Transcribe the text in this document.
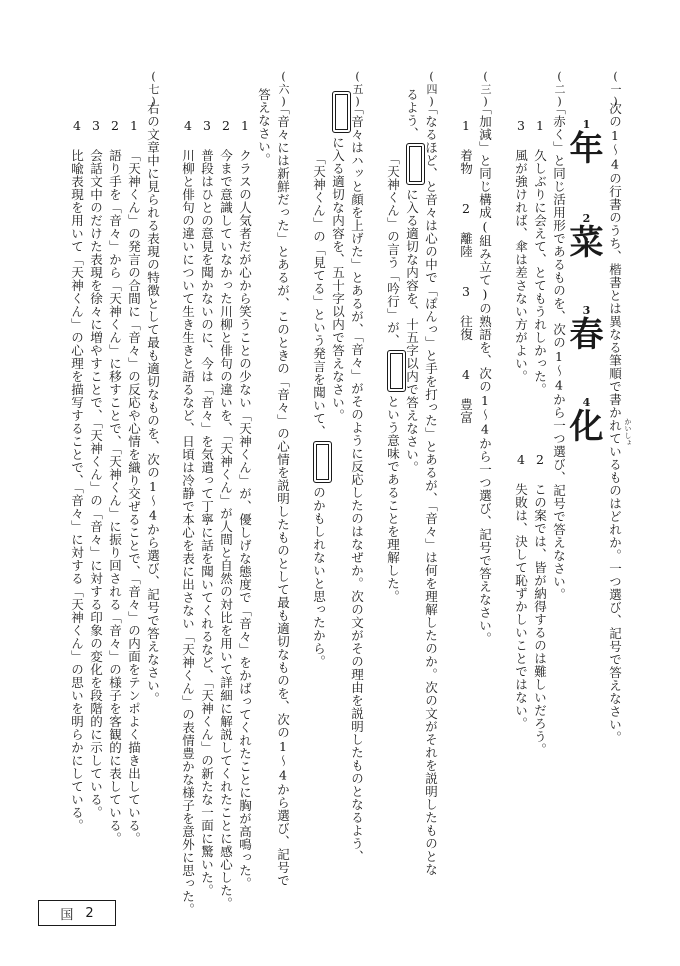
(一)
次の1〜4の行書のうち、楷書とは異なる筆順で書かれているものはどれか。一つ選び、記号で答えなさい。 かいしょ
1
年
2
菜
3
春
4
化
(二)
「赤く」と同じ活用形であるものを、次の1〜4から一つ選び、記号で答えなさい。
1 久しぶりに会えて、とてもうれしかった。
2 この案では、皆が納得するのは難しいだろう。
3 風が強ければ、傘は差さない方がよい。
4 失敗は、決して恥ずかしいことではない。
(三)
「加減」と同じ構成(組み立て)の熟語を、次の1〜4から一つ選び、記号で答えなさい。
1 着物　　2 離陸　　3 往復　　4 豊富
(四)
「なるほど、と音々は心の中で「ぽんっ」と手を打った」とあるが、「音々」は何を理解したのか。次の文がそれを説明したものとな
るよう、に入る適切な内容を、十五字以内で答えなさい。
「天神くん」の言う「吟行」が、という意味であることを理解した。
(五)
「音々はハッと顔を上げた」とあるが、「音々」がそのように反応したのはなぜか。次の文がその理由を説明したものとなるよう、
に入る適切な内容を、五十字以内で答えなさい。
「天神くん」の「見てる」という発言を聞いて、のかもしれないと思ったから。
(六)
「音々には新鮮だった」とあるが、このときの「音々」の心情を説明したものとして最も適切なものを、次の1〜4から選び、記号で
答えなさい。
1 クラスの人気者だが心から笑うことの少ない「天神くん」が、優しげな態度で「音々」をかばってくれたことに胸が高鳴った。
2 今まで意識していなかった川柳と俳句の違いを、「天神くん」が人間と自然の対比を用いて詳細に解説してくれたことに感心した。
3 普段はひとの意見を聞かないのに、今は「音々」を気遣って丁寧に話を聞いてくれるなど、「天神くん」の新たな一面に驚いた。
4 川柳と俳句の違いについて生き生きと語るなど、日頃は冷静で本心を表に出さない「天神くん」の表情豊かな様子を意外に思った。
(七)
右の文章中に見られる表現の特徴として最も適切なものを、次の1〜4から選び、記号で答えなさい。
1 「天神くん」の発言の合間に「音々」の反応や心情を織り交ぜることで、「音々」の内面をテンポよく描き出している。
2 語り手を「音々」から「天神くん」に移すことで、「天神くん」に振り回される「音々」の様子を客観的に表している。
3 会話文中のだけた表現を徐々に増やすことで、「天神くん」の「音々」に対する印象の変化を段階的に示している。
4 比喩表現を用いて「天神くん」の心理を描写することで、「音々」に対する「天神くん」の思いを明らかにしている。
国 2
